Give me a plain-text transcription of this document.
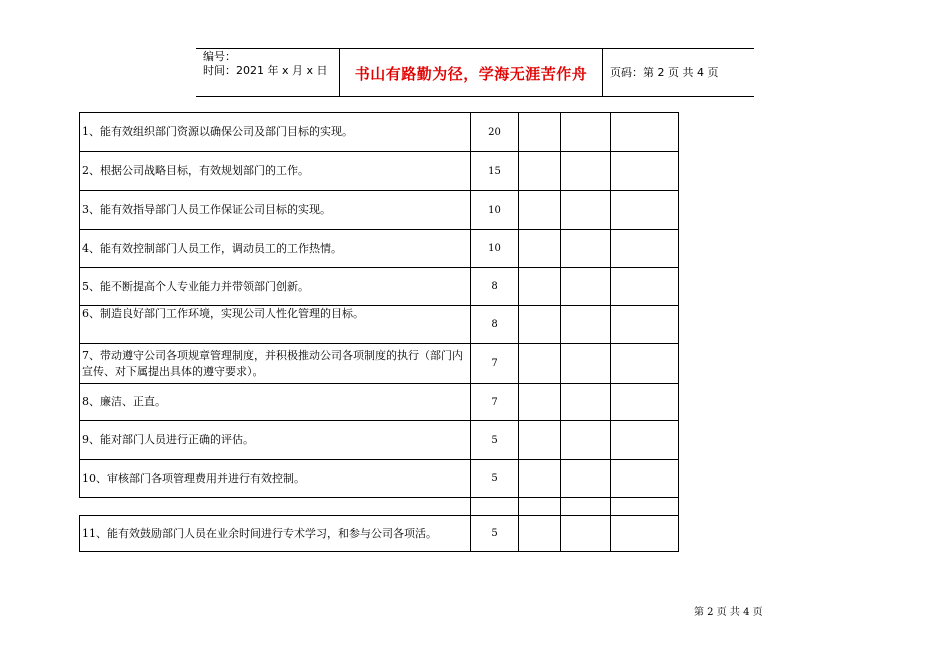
编号：
时间：2021 年 x 月 x 日	书山有路勤为径，学海无涯苦作舟	页码：第 2 页 共 4 页
1、能有效组织部门资源以确保公司及部门目标的实现。	20			
2、根据公司战略目标，有效规划部门的工作。	15			
3、能有效指导部门人员工作保证公司目标的实现。	10			
4、能有效控制部门人员工作，调动员工的工作热情。	10			
5、能不断提高个人专业能力并带领部门创新。	8			
6、制造良好部门工作环境，实现公司人性化管理的目标。	8			
7、带动遵守公司各项规章管理制度，并积极推动公司各项制度的执行（部门内宣传、对下属提出具体的遵守要求）。	7			
8、廉洁、正直。	7			
9、能对部门人员进行正确的评估。	5			
10、审核部门各项管理费用并进行有效控制。	5			

11、能有效鼓励部门人员在业余时间进行专术学习，和参与公司各项活。	5			
第 2 页 共 4 页
